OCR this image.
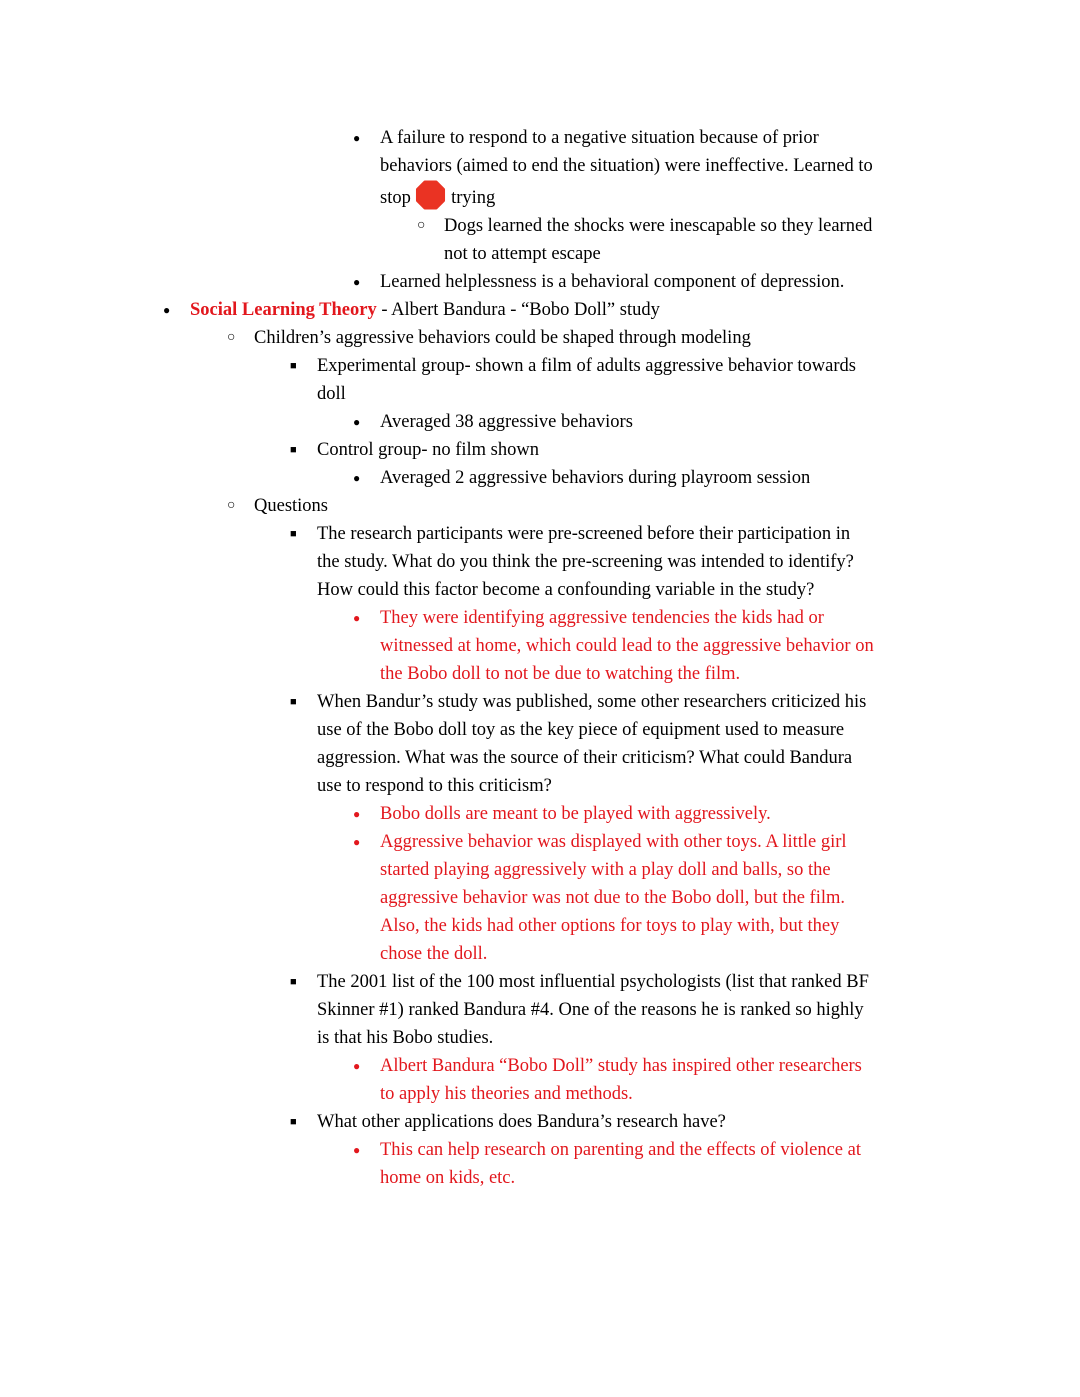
●	A failure to respond to a negative situation because of prior
behaviors (aimed to end the situation) were ineffective. Learned to
stop
trying
○	Dogs learned the shocks were inescapable so they learned
not to attempt escape
●	Learned helplessness is a behavioral component of depression.
●	Social Learning Theory - Albert Bandura - “Bobo Doll” study
○	Children’s aggressive behaviors could be shaped through modeling
■	Experimental group- shown a film of adults aggressive behavior towards
doll
●	Averaged 38 aggressive behaviors
■	Control group- no film shown
●	Averaged 2 aggressive behaviors during playroom session
○	Questions
■	The research participants were pre-screened before their participation in
the study. What do you think the pre-screening was intended to identify?
How could this factor become a confounding variable in the study?
●	They were identifying aggressive tendencies the kids had or
witnessed at home, which could lead to the aggressive behavior on
the Bobo doll to not be due to watching the film.
■	When Bandur’s study was published, some other researchers criticized his
use of the Bobo doll toy as the key piece of equipment used to measure
aggression. What was the source of their criticism? What could Bandura
use to respond to this criticism?
●	Bobo dolls are meant to be played with aggressively.
●	Aggressive behavior was displayed with other toys. A little girl
started playing aggressively with a play doll and balls, so the
aggressive behavior was not due to the Bobo doll, but the film.
Also, the kids had other options for toys to play with, but they
chose the doll.
■	The 2001 list of the 100 most influential psychologists (list that ranked BF
Skinner #1) ranked Bandura #4. One of the reasons he is ranked so highly
is that his Bobo studies.
●	Albert Bandura “Bobo Doll” study has inspired other researchers
to apply his theories and methods.
■	What other applications does Bandura’s research have?
●	This can help research on parenting and the effects of violence at
home on kids, etc.
